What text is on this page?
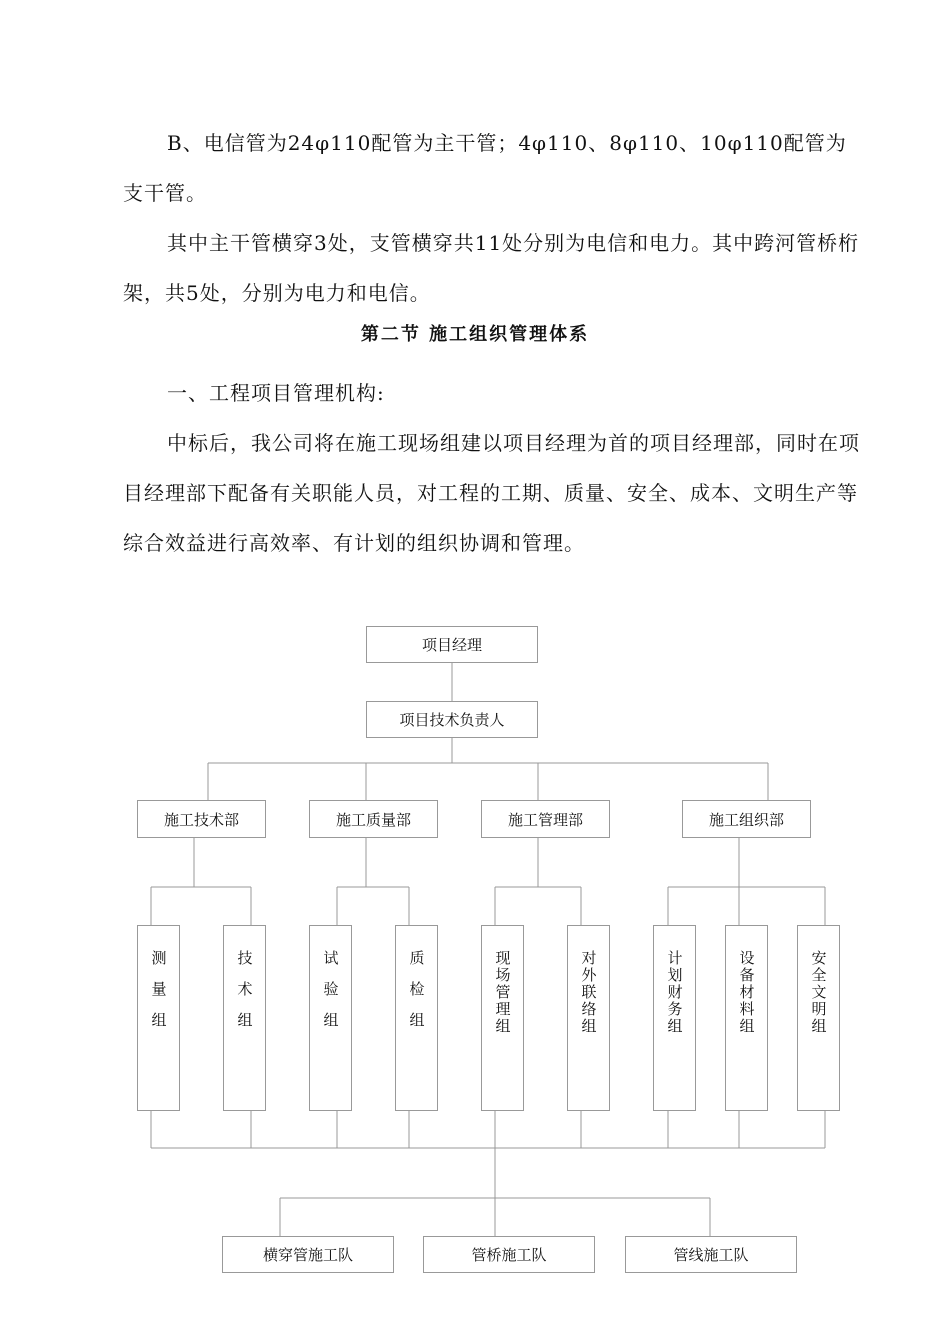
B、电信管为24φ110配管为主干管；4φ110、8φ110、10φ110配管为支干管。

其中主干管横穿3处，支管横穿共11处分别为电信和电力。其中跨河管桥桁架，共5处，分别为电力和电信。

第二节 施工组织管理体系

一、工程项目管理机构:

中标后，我公司将在施工现场组建以项目经理为首的项目经理部，同时在项目经理部下配备有关职能人员，对工程的工期、质量、安全、成本、文明生产等综合效益进行高效率、有计划的组织协调和管理。

项目经理
项目技术负责人
施工技术部	施工质量部	施工管理部	施工组织部
测量组	技术组	试验组	质检组	现场管理组	对外联络组	计划财务组	设备材料组	安全文明组
横穿管施工队	管桥施工队	管线施工队
